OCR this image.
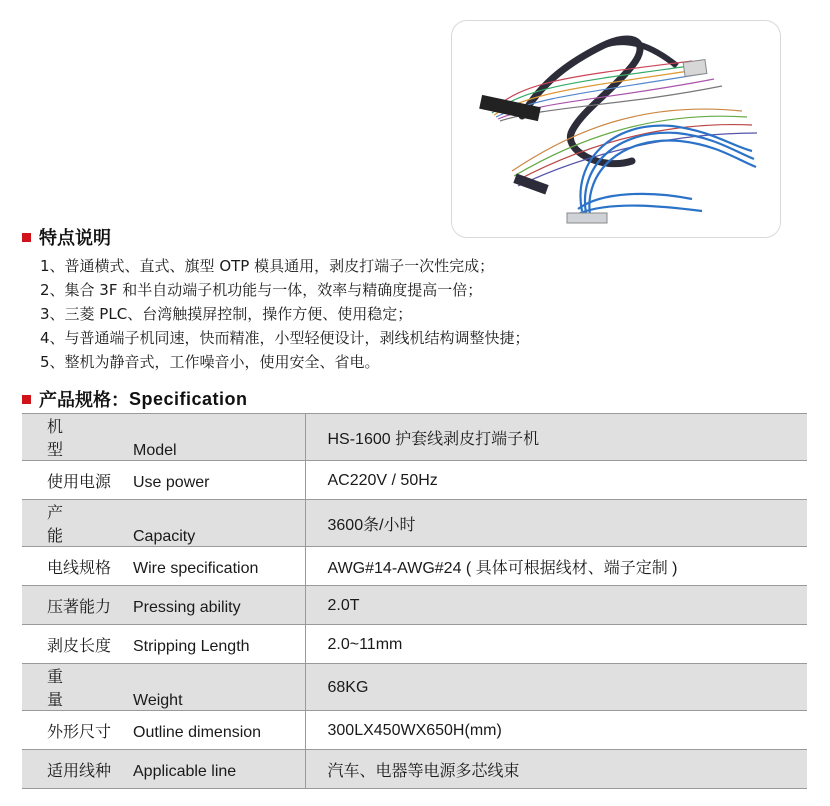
特点说明
1、普通横式、直式、旗型 OTP 模具通用，剥皮打端子一次性完成；
2、集合 3F 和半自动端子机功能与一体，效率与精确度提高一倍；
3、三菱 PLC、台湾触摸屏控制，操作方便、使用稳定；
4、与普通端子机同速，快而精准，小型轻便设计，剥线机结构调整快捷；
5、整机为静音式，工作噪音小，使用安全、省电。
产品规格： Specification
机 型 Model	HS-1600 护套线剥皮打端子机
使用电源 Use power	AC220V / 50Hz
产 能 Capacity	3600条/小时
电线规格 Wire specification	AWG#14-AWG#24 ( 具体可根据线材、端子定制 )
压著能力 Pressing ability	2.0T
剥皮长度 Stripping Length	2.0~11mm
重 量 Weight	68KG
外形尺寸 Outline dimension	300LX450WX650H(mm)
适用线种 Applicable line	汽车、电器等电源多芯线束
